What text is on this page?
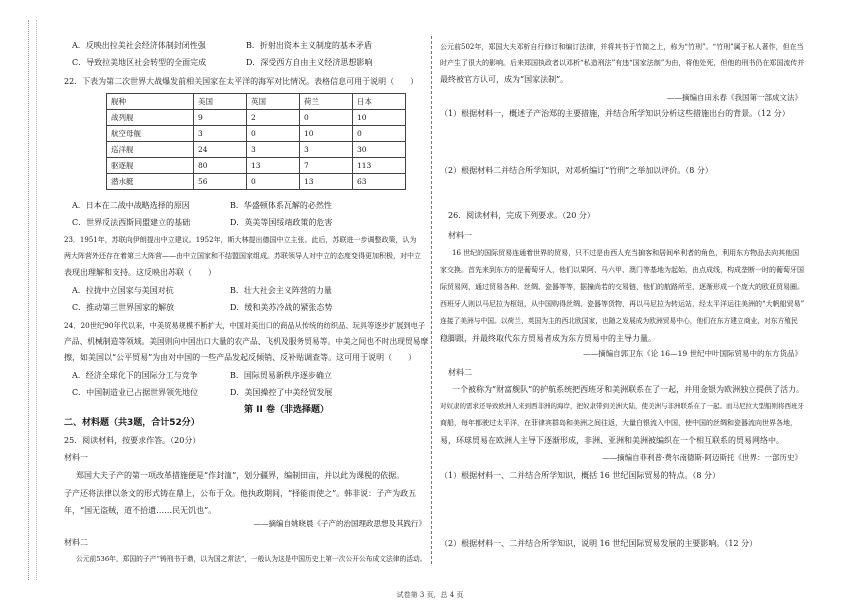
A．反映出拉美社会经济体制封闭性强	B．折射出资本主义制度的基本矛盾
C．导致拉美地区社会转型的全面完成	D．深受西方自由主义经济思想影响
22．下表为第二次世界大战爆发前相关国家在太平洋的海军对比情况。表格信息可用于说明（　　）
舰种	美国	英国	荷兰	日本
战列舰	9	2	0	10
航空母舰	3	0	10	0
巡洋舰	24	3	3	30
驱逐舰	80	13	7	113
潜水艇	56	0	13	63
A．日本在二战中战略选择的原因	B．华盛顿体系瓦解的必然性
C．世界反法西斯同盟建立的基础	D．英美等国绥靖政策的危害
23．1951年，苏联向伊朗提出中立建议。1952年，斯大林提出德国中立主张。此后，苏联进一步调整政策，认为
两大阵营外还存在着第三大阵营——由中立国家和不结盟国家组成。苏联领导人对中立的态度变得更加积极，对中立
表现出理解和支持。这反映出苏联（　　）
A．拉拢中立国家与美国对抗	B．壮大社会主义阵营的力量
C．推动第三世界国家的解放	D．缓和美苏冷战的紧张态势
24．20世纪90年代以来，中美贸易规模不断扩大，中国对美出口的商品从传统的纺织品、玩具等逐步扩展到电子
产品、机械制造等领域。美国则向中国出口大量的农产品、飞机及服务贸易等。中美之间也不时出现贸易摩
擦，如美国以“公平贸易”为由对中国的一些产品发起反倾销、反补贴调查等。这可用于说明（　　）
A．经济全球化下的国际分工与竞争	B．国际贸易新秩序逐步确立
C．中国制造业已占据世界领先地位	D．美国操控了中美经贸发展
第 II 卷（非选择题）
二、材料题（共3题，合计52分）
25．阅读材料，按要求作答。（20分）
材料一
郑国大夫子产的第一项改革措施便是“作封洫”，划分疆界，编制田亩，并以此为课税的依据。
子产还将法律以条文的形式铸在鼎上，公布于众。他执政期间，“择能而使之”。韩非说：子产为政五
年，“国无盗贼，道不拾遗……民无饥也”。
——摘编自姚晓晨《子产的治国理政思想及其践行》
材料二
公元前536年，郑国的子产“铸刑书于鼎，以为国之常法”，一般认为这是中国历史上第一次公开公布成文法律的活动。
公元前502年，郑国大夫邓析自行修订和编订法律，并将其书于竹简之上，称为“竹刑”。“竹刑”属于私人著作，但在当
时产生了很大的影响。后来郑国执政者以邓析“私造刑法”有违“国家法制”为由，将他处死，但他的刑书仍在郑国流传并
最终被官方认可，成为“国家法制”。
——摘编自田永春《我国第一部成文法》
（1）根据材料一，概述子产治郑的主要措施，并结合所学知识分析这些措施出台的背景。（12 分）
（2）根据材料二并结合所学知识，对邓析编订“竹刑”之举加以评价。（8 分）
26．阅读材料，完成下列要求。（20 分）
材料一
16 世纪的国际贸易连通着世界的贸易，只不过是由西人充当掮客和居间牟利者的角色，利用东方物品去向其他国
家交换。首先来到东方的是葡萄牙人，他们以果阿、马六甲、澳门等基地为起始，由点成线，构成垄断一时的葡萄牙国
际贸易网，通过贸易各种、丝绸、瓷器等等，据撞尚若的交易链，他们的航路所至，逐渐形成一个庞大的欧亚贸易圈。
西班牙人则以马尼拉为枢纽，从中国购得丝绸、瓷器等货物，再以马尼拉为转运站，经太平洋运往美洲的“大帆船贸易”
连接了美洲与中国。以荷兰、英国为主的西北欧国家，也随之发展成为欧洲贸易中心，他们在东方建立商业，对东方殖民
稳脚跟，并最终取代东方贸易者成为东方贸易中的主导力量。
——摘编自郭卫东《论 16—19 世纪中叶国际贸易中的东方货品》
材料二
一个被称为“财富舰队”的护航系统把西班牙和美洲联系在了一起，并用金银为欧洲独立提供了活力。
对奴隶的需求还导致欧洲人来到西非洲的海岸，把奴隶带到美洲大陆，使美洲与非洲联系在了一起。而马尼拉大型船则将西班牙
商船，每年都驶过太平洋，在菲律宾群岛和美洲之间往返，大量白银流入中国，使中国的丝绸和瓷器流向世界各地，
易，环球贸易在欧洲人主导下逐渐形成，非洲、亚洲和美洲被编织在一个相互联系的贸易网络中。
——摘编自菲利普·费尔南德斯-阿迈斯托《世界：一部历史》
（1）根据材料一、二并结合所学知识，概括 16 世纪国际贸易的特点。（8 分）
（2）根据材料一、二并结合所学知识，说明 16 世纪国际贸易发展的主要影响。（12 分）
试卷第 3 页，总 4 页
